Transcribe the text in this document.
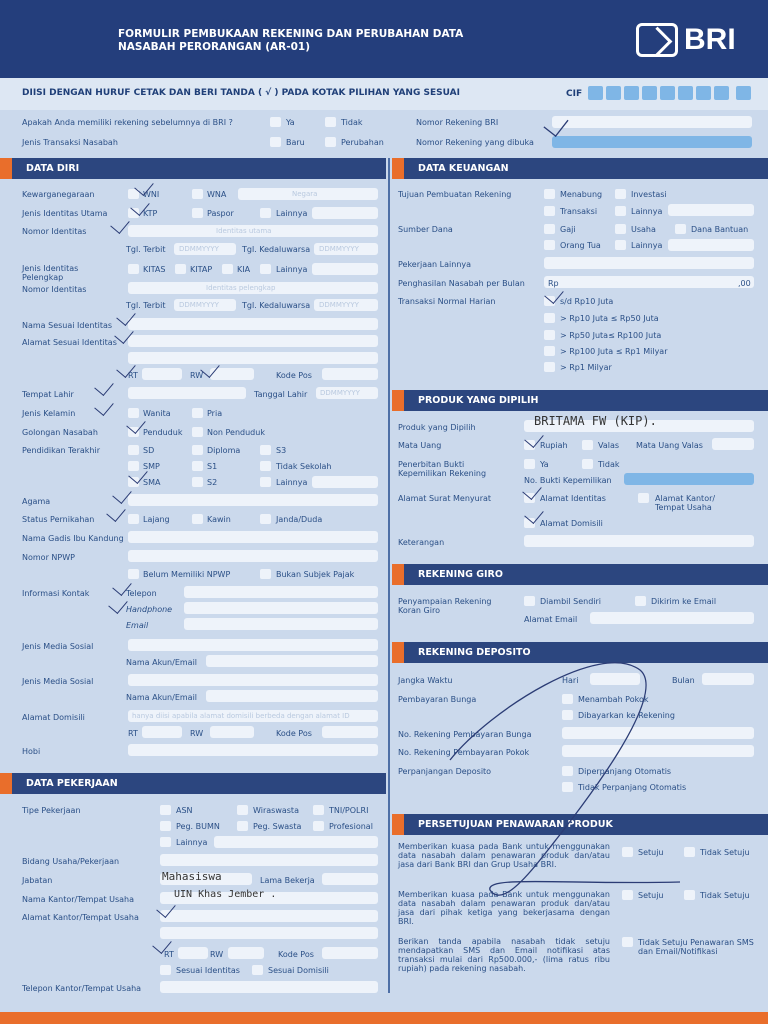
FORMULIR PEMBUKAAN REKENING DAN PERUBAHAN DATA NASABAH PERORANGAN (AR-01)	BRI
DIISI DENGAN HURUF CETAK DAN BERI TANDA ( √ ) PADA KOTAK PILIHAN YANG SESUAI	CIF
Apakah Anda memiliki rekening sebelumnya di BRI ?	Ya	Tidak	Nomor Rekening BRI
Jenis Transaksi Nasabah	Baru	Perubahan	Nomor Rekening yang dibuka
DATA DIRI
Kewarganegaraan	WNI	WNA	Negara
Jenis Identitas Utama	KTP	Paspor	Lainnya
Nomor Identitas	Identitas utama
Tgl. Terbit DDMMYYYY	Tgl. Kedaluwarsa DDMMYYYY
Jenis Identitas Pelengkap
KITAS	KITAP	KIA	Lainnya
Nomor Identitas	Identitas pelengkap
Tgl. Terbit DDMMYYYY	Tgl. Kedaluwarsa DDMMYYYY
Nama Sesuai Identitas
Alamat Sesuai Identitas
RT	RW	Kode Pos
Tempat Lahir	Tanggal Lahir DDMMYYYY
Jenis Kelamin	Wanita	Pria
Golongan Nasabah	Penduduk	Non Penduduk
Pendidikan Terakhir	SD	Diploma	S3
SMP	S1	Tidak Sekolah
SMA	S2	Lainnya
Agama
Status Pernikahan	Lajang	Kawin	Janda/Duda
Nama Gadis Ibu Kandung
Nomor NPWP
Belum Memiliki NPWP	Bukan Subjek Pajak
Informasi Kontak	Telepon
Handphone
Email
Jenis Media Sosial
Nama Akun/Email
Jenis Media Sosial
Nama Akun/Email
Alamat Domisili	hanya diisi apabila alamat domisili berbeda dengan alamat ID
RT	RW	Kode Pos
Hobi
DATA PEKERJAAN
Tipe Pekerjaan	ASN	Wiraswasta	TNI/POLRI
Peg. BUMN	Peg. Swasta	Profesional
Lainnya
Bidang Usaha/Pekerjaan
Jabatan	Mahasiswa	Lama Bekerja
Nama Kantor/Tempat Usaha	UIN Khas Jember .
Alamat Kantor/Tempat Usaha
RT	RW	Kode Pos
Sesuai Identitas	Sesuai Domisili
Telepon Kantor/Tempat Usaha
DATA KEUANGAN
Tujuan Pembuatan Rekening	Menabung	Investasi
Transaksi	Lainnya
Sumber Dana	Gaji	Usaha	Dana Bantuan
Orang Tua	Lainnya
Pekerjaan Lainnya
Penghasilan Nasabah per Bulan	Rp	,00
Transaksi Normal Harian	s/d Rp10 Juta
> Rp10 Juta ≤ Rp50 Juta
> Rp50 Juta≤ Rp100 Juta
> Rp100 Juta ≤ Rp1 Milyar
> Rp1 Milyar
PRODUK YANG DIPILIH
Produk yang Dipilih	BRITAMA FW (KIP).
Mata Uang	Rupiah	Valas Mata Uang Valas
Penerbitan Bukti Kepemilikan Rekening
Ya	Tidak
No. Bukti Kepemilikan
Alamat Surat Menyurat	Alamat Identitas	Alamat Kantor/ Tempat Usaha
Alamat Domisili
Keterangan
REKENING GIRO
Penyampaian Rekening Koran Giro
Diambil Sendiri	Dikirim ke Email
Alamat Email
REKENING DEPOSITO
Jangka Waktu	Hari	Bulan
Pembayaran Bunga	Menambah Pokok
Dibayarkan ke Rekening
No. Rekening Pembayaran Bunga
No. Rekening Pembayaran Pokok
Perpanjangan Deposito	Diperpanjang Otomatis
Tidak Perpanjang Otomatis
PERSETUJUAN PENAWARAN PRODUK
Memberikan kuasa pada Bank untuk menggunakan data nasabah dalam penawaran produk dan/atau jasa dari Bank BRI dan Grup Usaha BRI.
Setuju	Tidak Setuju
Memberikan kuasa pada Bank untuk menggunakan data nasabah dalam penawaran produk dan/atau jasa dari pihak ketiga yang bekerjasama dengan BRI.
Setuju	Tidak Setuju
Berikan tanda apabila nasabah tidak setuju mendapatkan SMS dan Email notifikasi atas transaksi mulai dari Rp500.000,- (lima ratus ribu rupiah) pada rekening nasabah.
Tidak Setuju Penawaran SMS dan Email/Notifikasi
